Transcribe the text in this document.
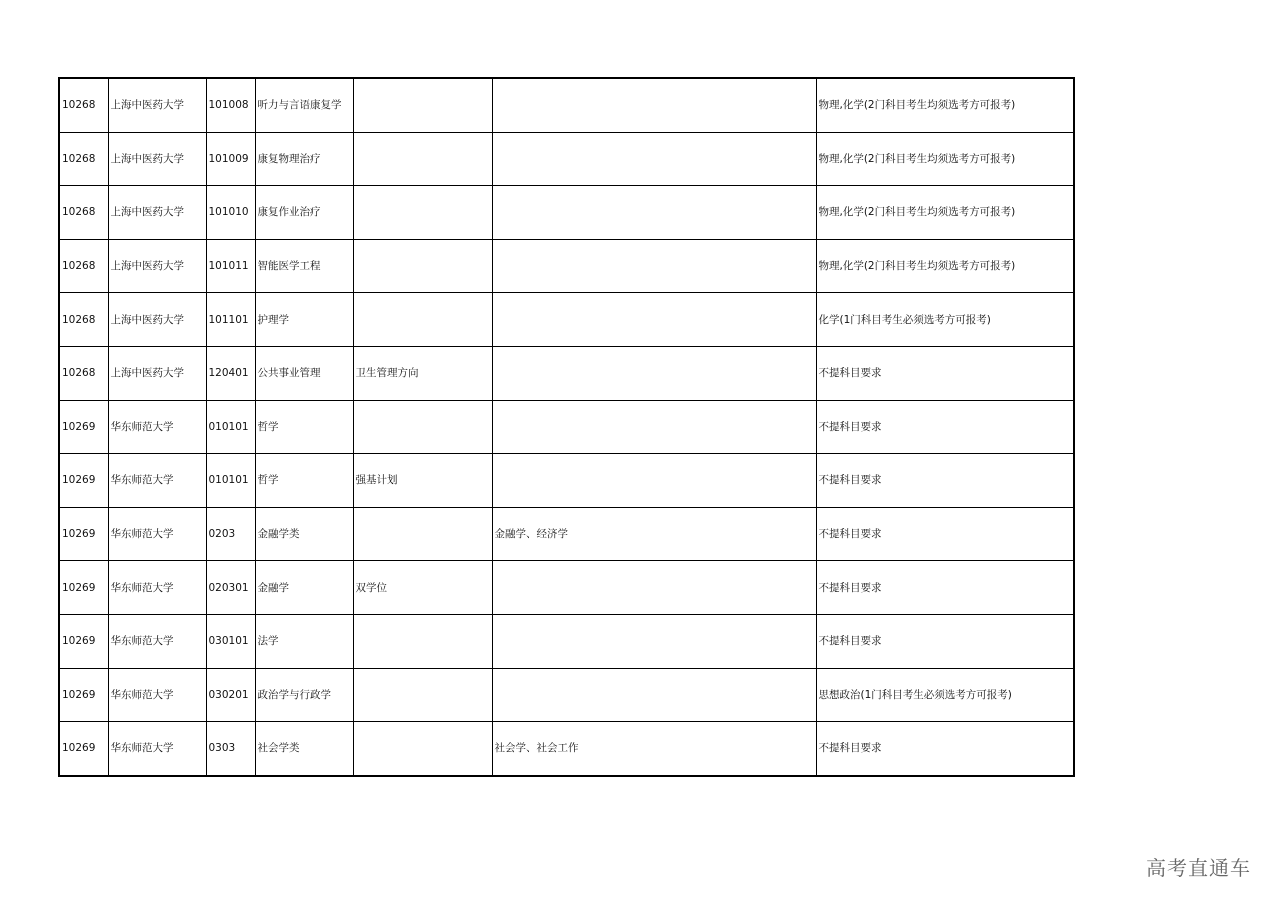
10268	上海中医药大学	101008	听力与言语康复学			物理,化学(2门科目考生均须选考方可报考)
10268	上海中医药大学	101009	康复物理治疗			物理,化学(2门科目考生均须选考方可报考)
10268	上海中医药大学	101010	康复作业治疗			物理,化学(2门科目考生均须选考方可报考)
10268	上海中医药大学	101011	智能医学工程			物理,化学(2门科目考生均须选考方可报考)
10268	上海中医药大学	101101	护理学			化学(1门科目考生必须选考方可报考)
10268	上海中医药大学	120401	公共事业管理	卫生管理方向		不提科目要求
10269	华东师范大学	010101	哲学			不提科目要求
10269	华东师范大学	010101	哲学	强基计划		不提科目要求
10269	华东师范大学	0203	金融学类		金融学、经济学	不提科目要求
10269	华东师范大学	020301	金融学	双学位		不提科目要求
10269	华东师范大学	030101	法学			不提科目要求
10269	华东师范大学	030201	政治学与行政学			思想政治(1门科目考生必须选考方可报考)
10269	华东师范大学	0303	社会学类		社会学、社会工作	不提科目要求
高考直通车
